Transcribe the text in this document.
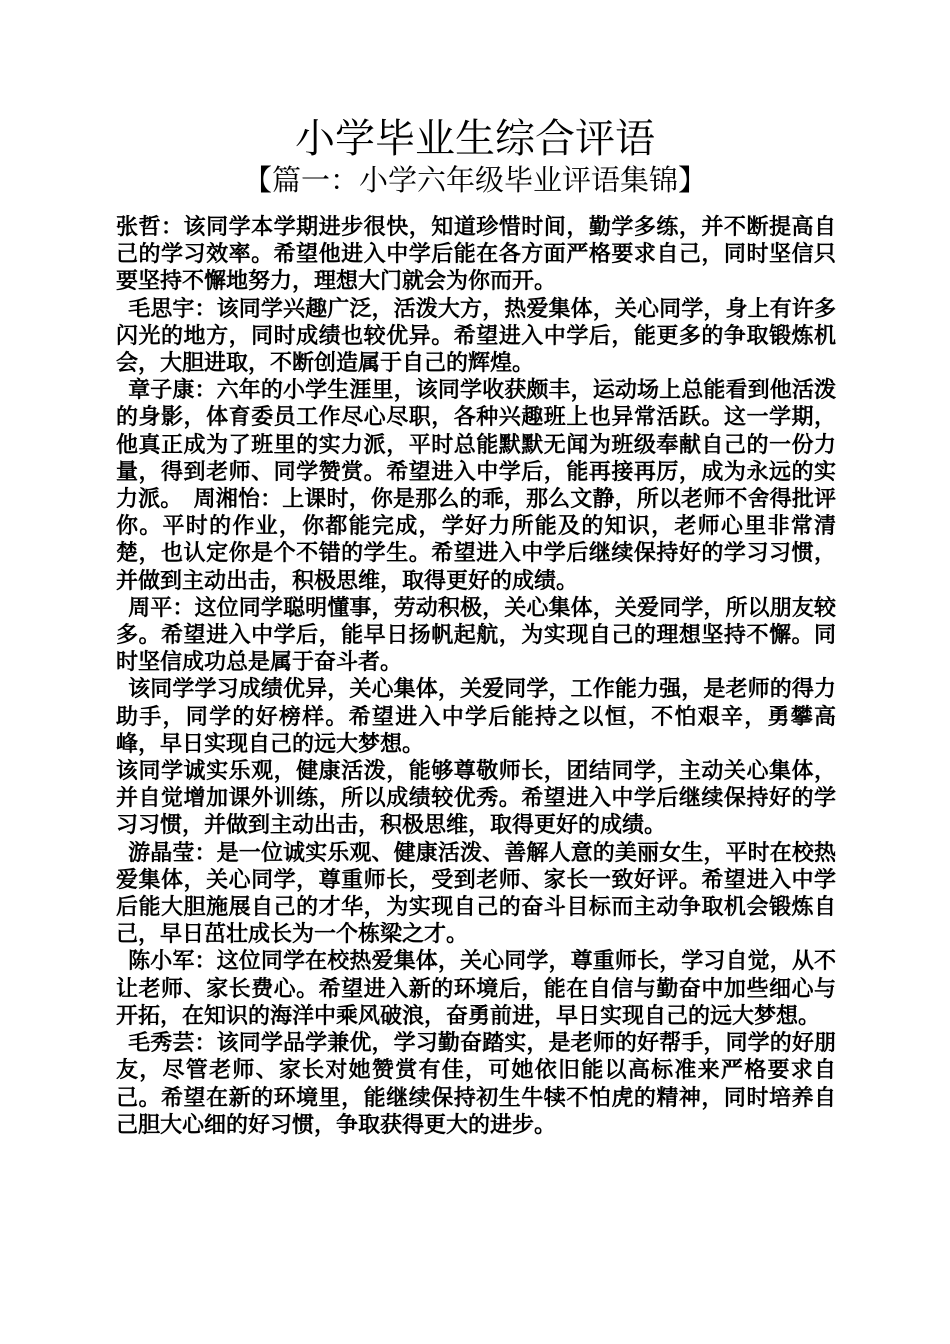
小学毕业生综合评语
【篇一：小学六年级毕业评语集锦】

张哲：该同学本学期进步很快，知道珍惜时间，勤学多练，并不断提高自己的学习效率。希望他进入中学后能在各方面严格要求自己，同时坚信只要坚持不懈地努力，理想大门就会为你而开。

毛思宇：该同学兴趣广泛，活泼大方，热爱集体，关心同学，身上有许多闪光的地方，同时成绩也较优异。希望进入中学后，能更多的争取锻炼机会，大胆进取，不断创造属于自己的辉煌。

章子康：六年的小学生涯里，该同学收获颇丰，运动场上总能看到他活泼的身影，体育委员工作尽心尽职，各种兴趣班上也异常活跃。这一学期，他真正成为了班里的实力派，平时总能默默无闻为班级奉献自己的一份力量，得到老师、同学赞赏。希望进入中学后，能再接再厉，成为永远的实力派。　周湘怡：上课时，你是那么的乖，那么文静，所以老师不舍得批评你。平时的作业，你都能完成，学好力所能及的知识，老师心里非常清楚，也认定你是个不错的学生。希望进入中学后继续保持好的学习习惯，并做到主动出击，积极思维，取得更好的成绩。

周平：这位同学聪明懂事，劳动积极，关心集体，关爱同学，所以朋友较多。希望进入中学后，能早日扬帆起航，为实现自己的理想坚持不懈。同时坚信成功总是属于奋斗者。

该同学学习成绩优异，关心集体，关爱同学，工作能力强，是老师的得力助手，同学的好榜样。希望进入中学后能持之以恒，不怕艰辛，勇攀高峰，早日实现自己的远大梦想。

该同学诚实乐观，健康活泼，能够尊敬师长，团结同学，主动关心集体，并自觉增加课外训练，所以成绩较优秀。希望进入中学后继续保持好的学习习惯，并做到主动出击，积极思维，取得更好的成绩。

游晶莹：是一位诚实乐观、健康活泼、善解人意的美丽女生，平时在校热爱集体，关心同学，尊重师长，受到老师、家长一致好评。希望进入中学后能大胆施展自己的才华，为实现自己的奋斗目标而主动争取机会锻炼自己，早日茁壮成长为一个栋梁之才。

陈小军：这位同学在校热爱集体，关心同学，尊重师长，学习自觉，从不让老师、家长费心。希望进入新的环境后，能在自信与勤奋中加些细心与开拓，在知识的海洋中乘风破浪，奋勇前进，早日实现自己的远大梦想。

毛秀芸：该同学品学兼优，学习勤奋踏实，是老师的好帮手，同学的好朋友，尽管老师、家长对她赞赏有佳，可她依旧能以高标准来严格要求自己。希望在新的环境里，能继续保持初生牛犊不怕虎的精神，同时培养自己胆大心细的好习惯，争取获得更大的进步。
